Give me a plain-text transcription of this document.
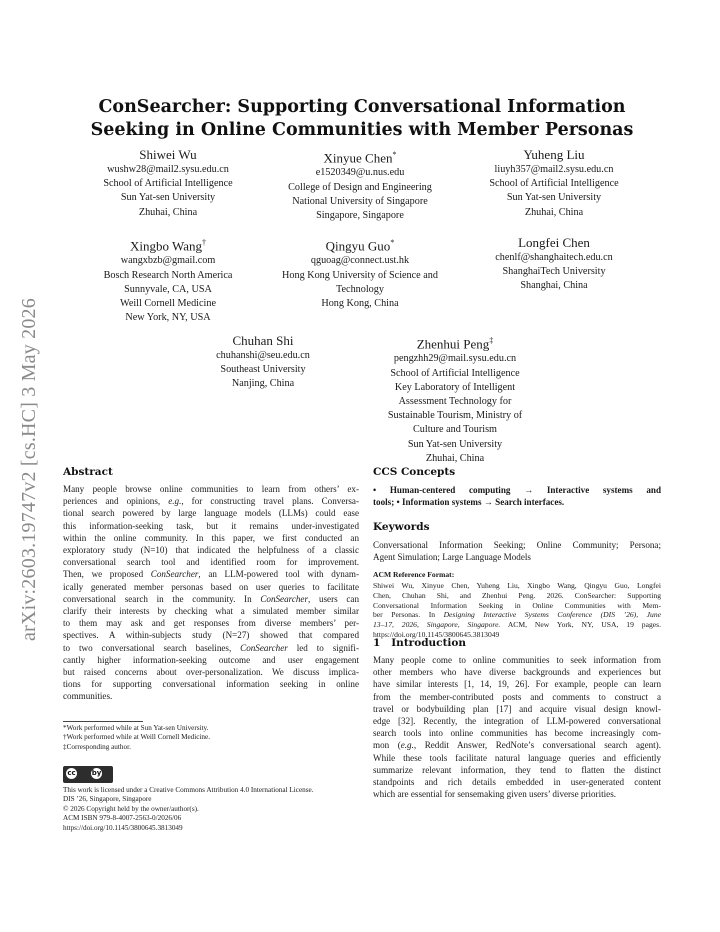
arXiv:2603.19747v2 [cs.HC] 3 May 2026
ConSearcher: Supporting Conversational Information Seeking in Online Communities with Member Personas
Shiwei Wu
wushw28@mail2.sysu.edu.cn
School of Artificial Intelligence
Sun Yat-sen University
Zhuhai, China
Xinyue Chen*
e1520349@u.nus.edu
College of Design and Engineering
National University of Singapore
Singapore, Singapore
Yuheng Liu
liuyh357@mail2.sysu.edu.cn
School of Artificial Intelligence
Sun Yat-sen University
Zhuhai, China
Xingbo Wang†
wangxbzb@gmail.com
Bosch Research North America
Sunnyvale, CA, USA
Weill Cornell Medicine
New York, NY, USA
Qingyu Guo*
qguoag@connect.ust.hk
Hong Kong University of Science and
Technology
Hong Kong, China
Longfei Chen
chenlf@shanghaitech.edu.cn
ShanghaiTech University
Shanghai, China
Chuhan Shi
chuhanshi@seu.edu.cn
Southeast University
Nanjing, China
Zhenhui Peng‡
pengzhh29@mail.sysu.edu.cn
School of Artificial Intelligence
Key Laboratory of Intelligent
Assessment Technology for
Sustainable Tourism, Ministry of
Culture and Tourism
Sun Yat-sen University
Zhuhai, China
Abstract
Many people browse online communities to learn from others’ ex-
periences and opinions, e.g., for constructing travel plans. Conversa-
tional search powered by large language models (LLMs) could ease
this information-seeking task, but it remains under-investigated
within the online community. In this paper, we first conducted an
exploratory study (N=10) that indicated the helpfulness of a classic
conversational search tool and identified room for improvement.
Then, we proposed ConSearcher, an LLM-powered tool with dynam-
ically generated member personas based on user queries to facilitate
conversational search in the community. In ConSearcher, users can
clarify their interests by checking what a simulated member similar
to them may ask and get responses from diverse members’ per-
spectives. A within-subjects study (N=27) showed that compared
to two conversational search baselines, ConSearcher led to signifi-
cantly higher information-seeking outcome and user engagement
but raised concerns about over-personalization. We discuss implica-
tions for supporting conversational information seeking in online
communities.
*Work performed while at Sun Yat-sen University.
†Work performed while at Weill Cornell Medicine.
‡Corresponding author.
cc by
This work is licensed under a Creative Commons Attribution 4.0 International License.
DIS ’26, Singapore, Singapore
© 2026 Copyright held by the owner/author(s).
ACM ISBN 979-8-4007-2563-0/2026/06
https://doi.org/10.1145/3800645.3813049
CCS Concepts
• Human-centered computing → Interactive systems and
tools; • Information systems → Search interfaces.
Keywords
Conversational Information Seeking; Online Community; Persona;
Agent Simulation; Large Language Models
ACM Reference Format:
Shiwei Wu, Xinyue Chen, Yuheng Liu, Xingbo Wang, Qingyu Guo, Longfei
Chen, Chuhan Shi, and Zhenhui Peng. 2026. ConSearcher: Supporting
Conversational Information Seeking in Online Communities with Mem-
ber Personas. In Designing Interactive Systems Conference (DIS ’26), June
13–17, 2026, Singapore, Singapore. ACM, New York, NY, USA, 19 pages.
https://doi.org/10.1145/3800645.3813049
1   Introduction
Many people come to online communities to seek information from
other members who have diverse backgrounds and experiences but
have similar interests [1, 14, 19, 26]. For example, people can learn
from the member-contributed posts and comments to construct a
travel or bodybuilding plan [17] and acquire visual design knowl-
edge [32]. Recently, the integration of LLM-powered conversational
search tools into online communities has become increasingly com-
mon (e.g., Reddit Answer, RedNote’s conversational search agent).
While these tools facilitate natural language queries and efficiently
summarize relevant information, they tend to flatten the distinct
standpoints and rich details embedded in user-generated content
which are essential for sensemaking given users’ diverse priorities.
